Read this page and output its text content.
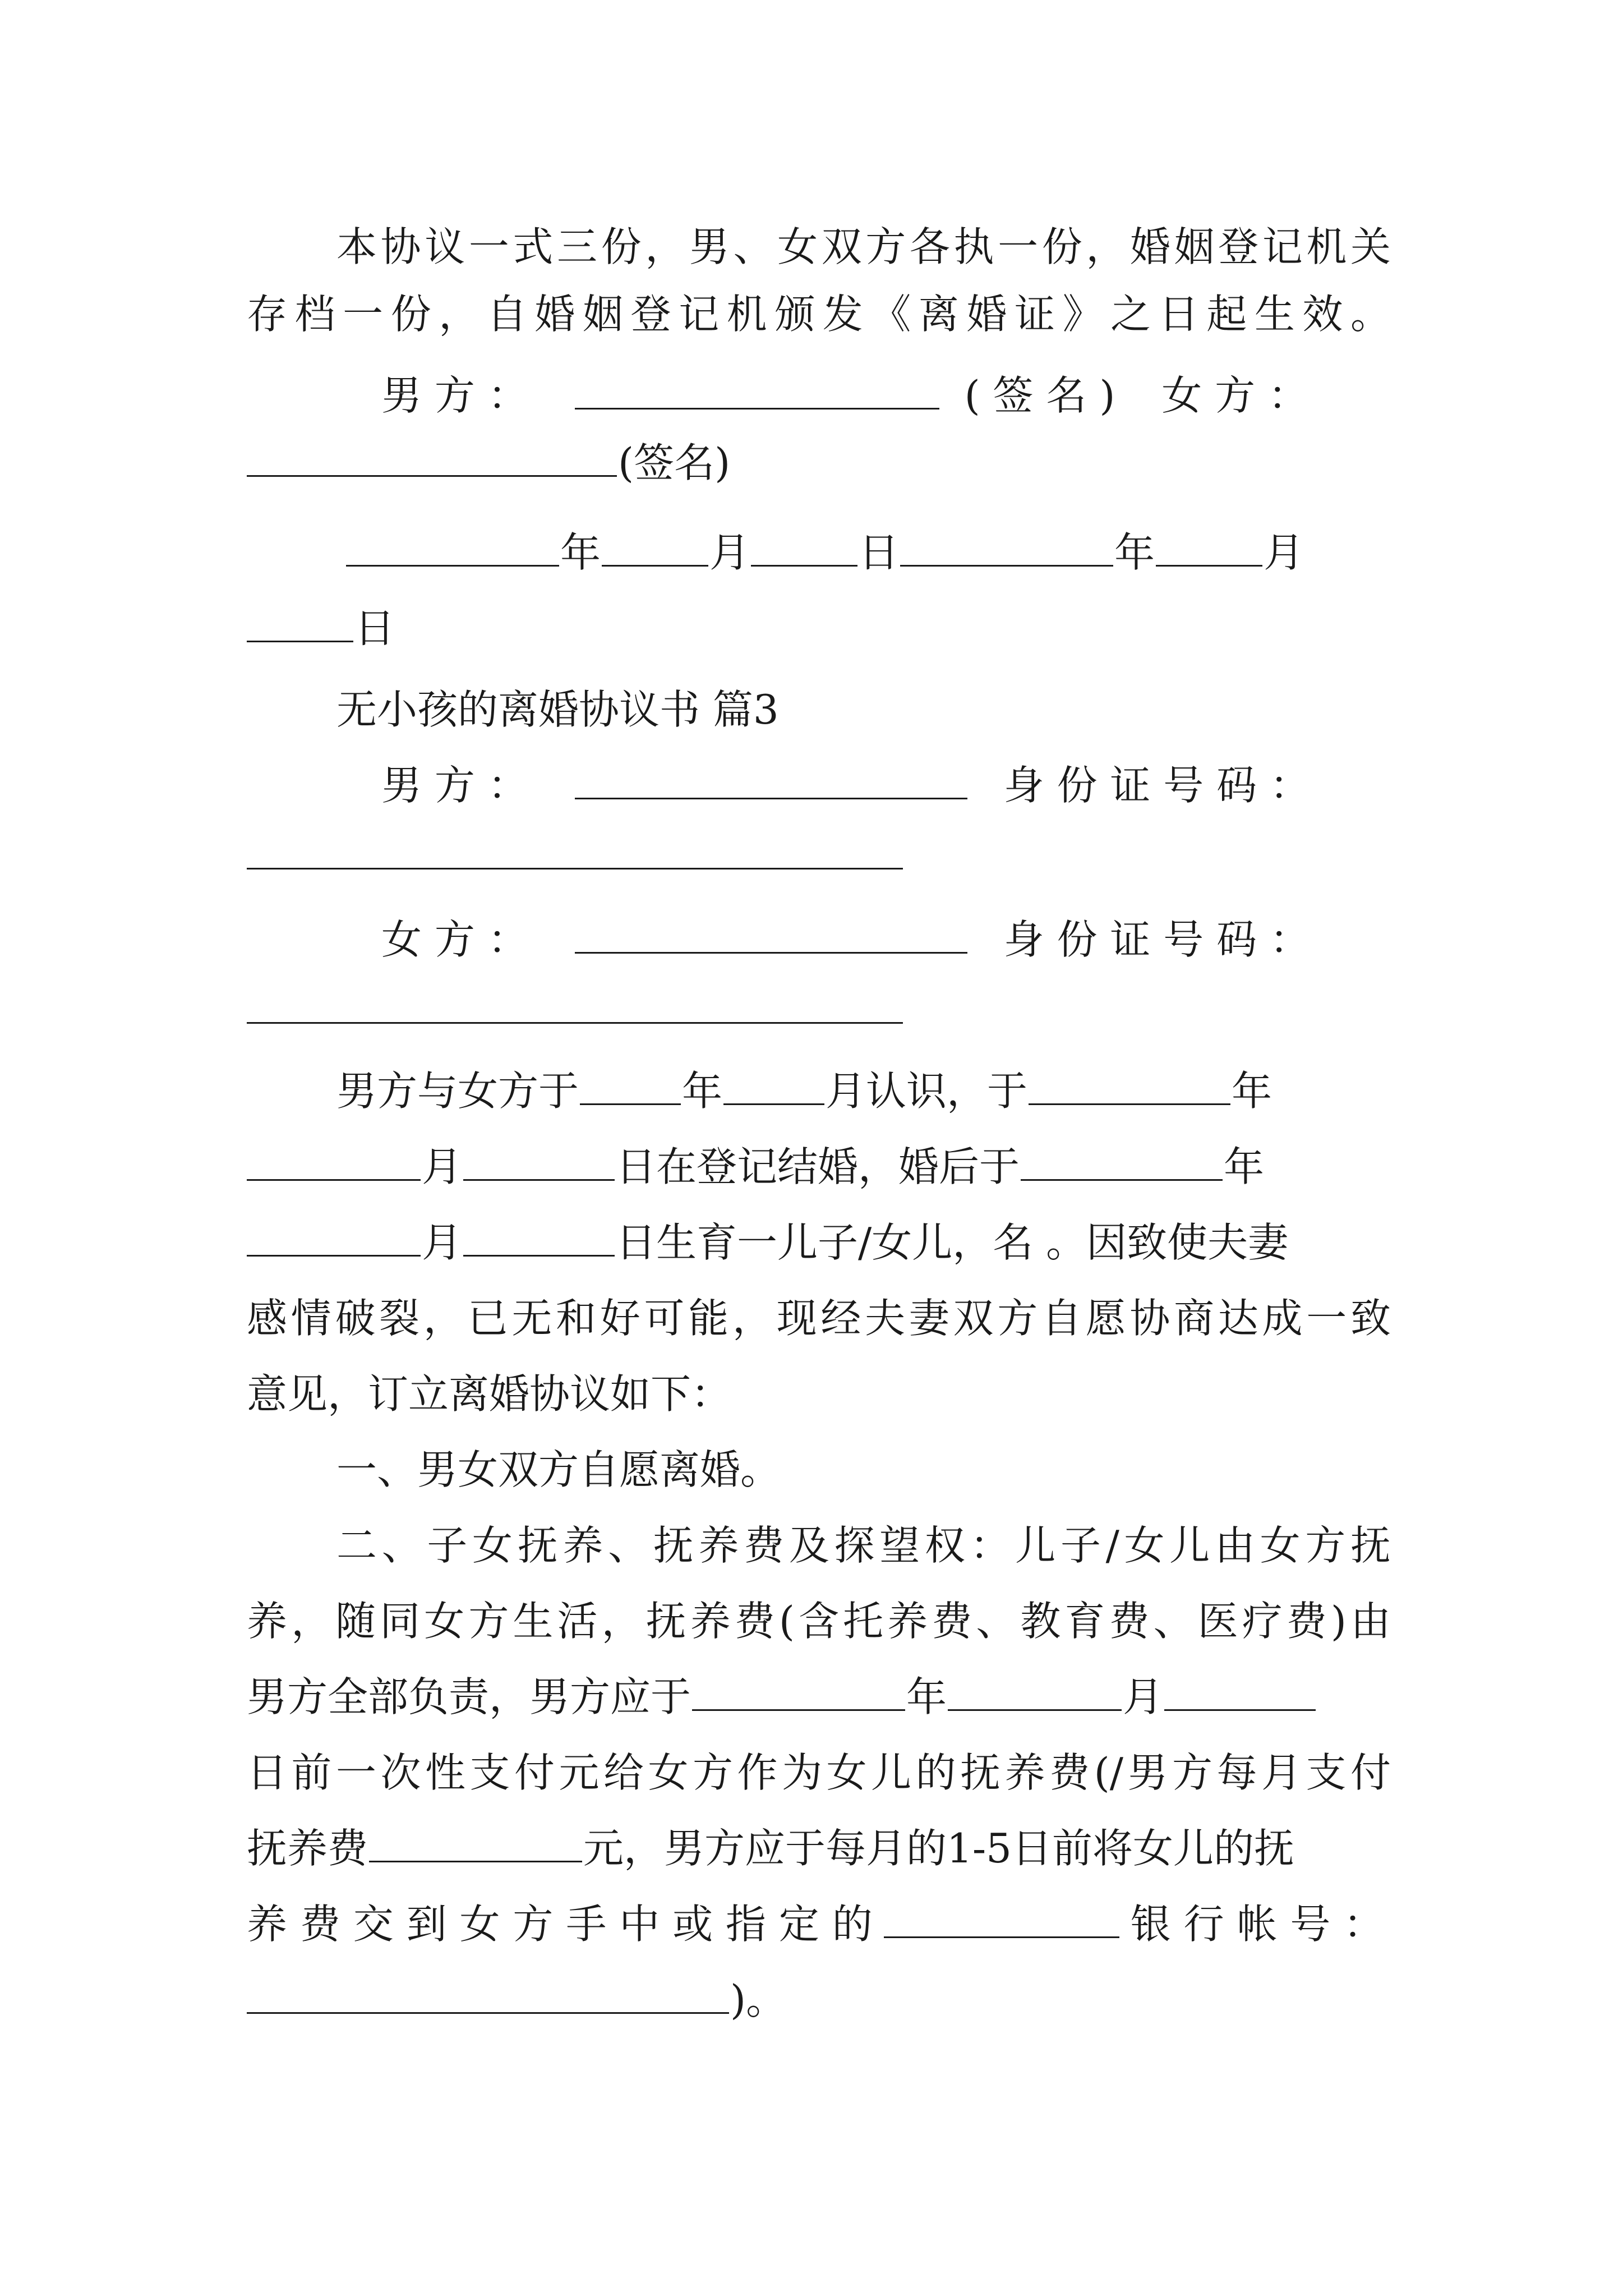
本协议一式三份，男、女双方各执一份，婚姻登记机关
存档一份，自婚姻登记机颁发《离婚证》之日起生效。
男 方 ：	( 签 名 ) 女 方 ：
(签名)
年	月	日	年	月
日
无小孩的离婚协议书 篇3
男 方 ：	身 份 证 号 码 ：
女 方 ：	身 份 证 号 码 ：
男方与女方于	年	月认识，于	年
月	日在登记结婚，婚后于	年
月	日生育一儿子/女儿，名 。因致使夫妻
感情破裂，已无和好可能，现经夫妻双方自愿协商达成一致
意见，订立离婚协议如下：
一、男女双方自愿离婚。
二、子女抚养、抚养费及探望权：儿子/女儿由女方抚
养，随同女方生活，抚养费(含托养费、教育费、医疗费)由
男方全部负责，男方应于	年	月
日前一次性支付元给女方作为女儿的抚养费(/男方每月支付
抚养费	元，男方应于每月的1-5日前将女儿的抚
养 费 交 到 女 方 手 中 或 指 定 的	银 行 帐 号 ：
)。
